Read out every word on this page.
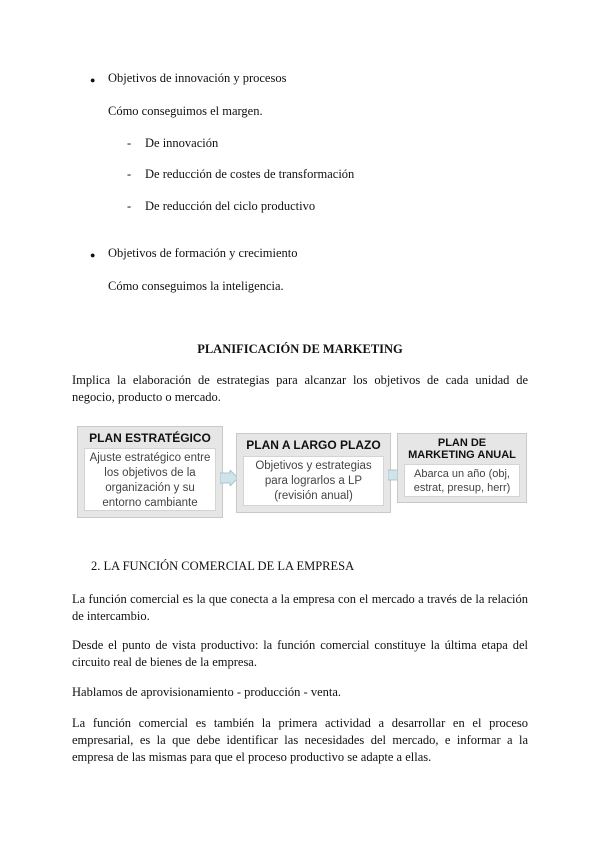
● Objetivos de innovación y procesos
Cómo conseguimos el margen.
- De innovación
- De reducción de costes de transformación
- De reducción del ciclo productivo
● Objetivos de formación y crecimiento
Cómo conseguimos la inteligencia.
PLANIFICACIÓN DE MARKETING
Implica la elaboración de estrategias para alcanzar los objetivos de cada unidad de negocio, producto o mercado.
PLAN ESTRATÉGICO
Ajuste estratégico entre los objetivos de la organización y su entorno cambiante
PLAN A LARGO PLAZO
Objetivos y estrategias para lograrlos a LP (revisión anual)
PLAN DE MARKETING ANUAL
Abarca un año (obj, estrat, presup, herr)
2. LA FUNCIÓN COMERCIAL DE LA EMPRESA
La función comercial es la que conecta a la empresa con el mercado a través de la relación de intercambio.
Desde el punto de vista productivo: la función comercial constituye la última etapa del circuito real de bienes de la empresa.
Hablamos de aprovisionamiento - producción - venta.
La función comercial es también la primera actividad a desarrollar en el proceso empresarial, es la que debe identificar las necesidades del mercado, e informar a la empresa de las mismas para que el proceso productivo se adapte a ellas.
